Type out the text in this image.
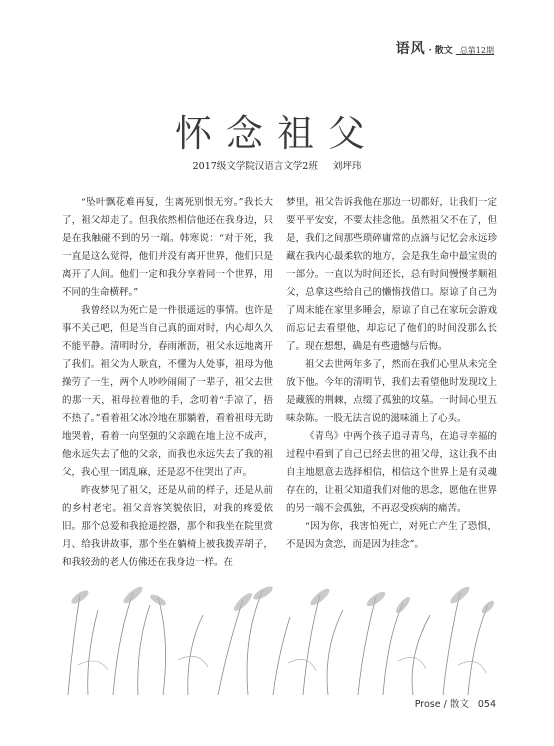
语风 · 散文 _总第12期
怀念祖父
2017级文学院汉语言文学2班 刘坪玮

“坠叶飘花难再复，生离死别恨无穷。”我长大了，祖父却走了。但我依然相信他还在我身边，只是在我触碰不到的另一端。韩寒说：“对于死，我一直是这么觉得，他们并没有离开世界，他们只是离开了人间。他们一定和我分享着同一个世界，用不同的生命横秤。”

我曾经以为死亡是一件很遥远的事情。也许是事不关己吧，但是当自己真的面对时，内心却久久不能平静。清明时分，春雨淅沥，祖父永远地离开了我们。祖父为人耿直，不懂为人处事，祖母为他操劳了一生，两个人吵吵闹闹了一辈子，祖父去世的那一天，祖母拉着他的手，念叨着“手凉了，捂不热了。”看着祖父冰冷地在那躺着，看着祖母无助地哭着，看着一向坚强的父亲跪在地上泣不成声，他永远失去了他的父亲，而我也永远失去了我的祖父，我心里一团乱麻，还是忍不住哭出了声。

昨夜梦见了祖父，还是从前的样子，还是从前的乡村老宅。祖父音容笑貌依旧，对我的疼爱依旧。那个总爱和我抢遥控器，那个和我坐在院里赏月、给我讲故事，那个坐在躺椅上被我拨弄胡子，和我较劲的老人仿佛还在我身边一样。在

梦里，祖父告诉我他在那边一切都好，让我们一定要平平安安，不要太挂念他。虽然祖父不在了，但是，我们之间那些琐碎庸常的点滴与记忆会永远珍藏在我内心最柔软的地方，会是我生命中最宝贵的一部分。一直以为时间还长，总有时间慢慢孝顺祖父，总拿这些给自己的懒惰找借口。原谅了自己为了周末能在家里多睡会，原谅了自己在家玩会游戏而忘记去看望他，却忘记了他们的时间没那么长了。现在想想，确是有些遗憾与后悔。

祖父去世两年多了，然而在我们心里从未完全放下他。今年的清明节，我们去看望他时发现坟上是藏簇的荆棘，点缀了孤独的坟墓。一时间心里五味杂陈。一股无法言说的滋味涌上了心头。

《青鸟》中两个孩子追寻青鸟，在追寻幸福的过程中看到了自己已经去世的祖父母，这让我不由自主地愿意去选择相信，相信这个世界上是有灵魂存在的，让祖父知道我们对他的思念，愿他在世界的另一端不会孤独，不再忍受疾病的痛苦。

“因为你，我害怕死亡，对死亡产生了恐惧，不是因为贪恋，而是因为挂念”。

Prose / 散文 054
